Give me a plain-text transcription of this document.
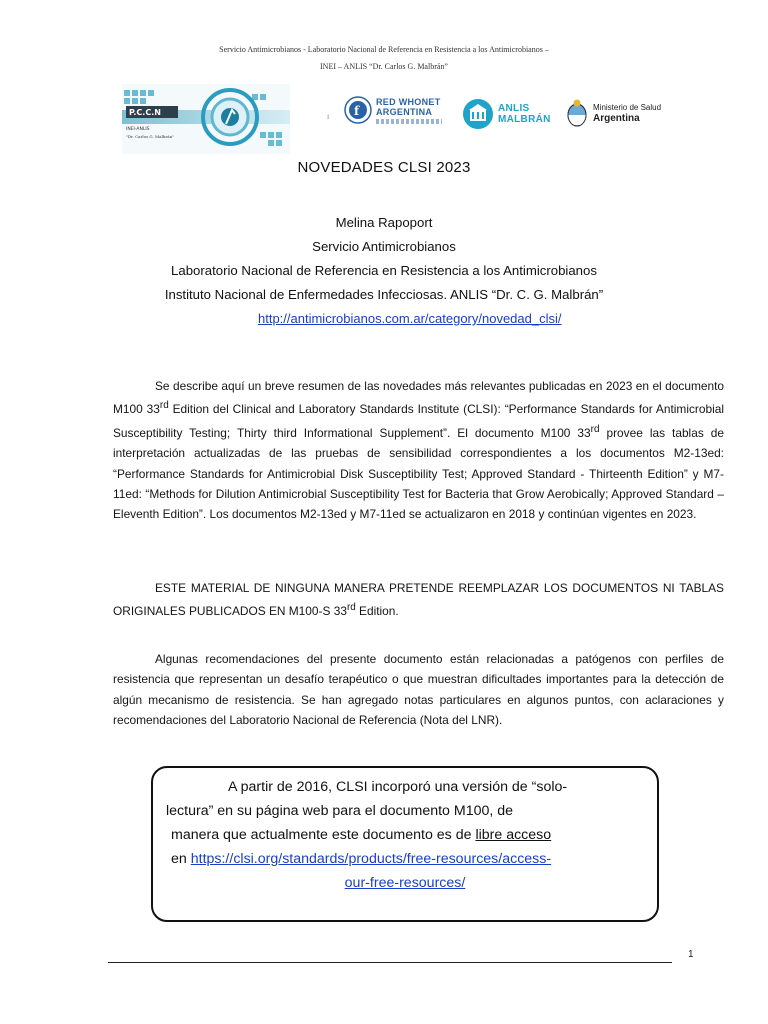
Servicio Antimicrobianos - Laboratorio Nacional de Referencia en Resistencia a los Antimicrobianos –
INEI – ANLIS “Dr. Carlos G. Malbrán”
P.C.C.N
INEI-ANLIS
"Dr. Carlos G. Malbrán"
ı f
RED WHONET
ARGENTINA	ANLIS
MALBRÁN
Ministerio de Salud
Argentina
NOVEDADES CLSI 2023
Melina Rapoport
Servicio Antimicrobianos
Laboratorio Nacional de Referencia en Resistencia a los Antimicrobianos
Instituto Nacional de Enfermedades Infecciosas. ANLIS “Dr. C. G. Malbrán”
http://antimicrobianos.com.ar/category/novedad_clsi/
Se describe aquí un breve resumen de las novedades más relevantes publicadas en 2023 en el documento M100 33rd Edition del Clinical and Laboratory Standards Institute (CLSI): “Performance Standards for Antimicrobial Susceptibility Testing; Thirty third Informational Supplement”. El documento M100 33rd provee las tablas de interpretación actualizadas de las pruebas de sensibilidad correspondientes a los documentos M2-13ed: “Performance Standards for Antimicrobial Disk Susceptibility Test; Approved Standard - Thirteenth Edition” y M7-11ed: “Methods for Dilution Antimicrobial Susceptibility Test for Bacteria that Grow Aerobically; Approved Standard – Eleventh Edition”. Los documentos M2-13ed y M7-11ed se actualizaron en 2018 y continúan vigentes en 2023.
ESTE MATERIAL DE NINGUNA MANERA PRETENDE REEMPLAZAR LOS DOCUMENTOS NI TABLAS ORIGINALES PUBLICADOS EN M100-S 33rd Edition.
Algunas recomendaciones del presente documento están relacionadas a patógenos con perfiles de resistencia que representan un desafío terapéutico o que muestran dificultades importantes para la detección de algún mecanismo de resistencia. Se han agregado notas particulares en algunos puntos, con aclaraciones y recomendaciones del Laboratorio Nacional de Referencia (Nota del LNR).
A partir de 2016, CLSI incorporó una versión de “solo-
lectura” en su página web para el documento M100, de
manera que actualmente este documento es de libre acceso
en https://clsi.org/standards/products/free-resources/access-
our-free-resources/
1
